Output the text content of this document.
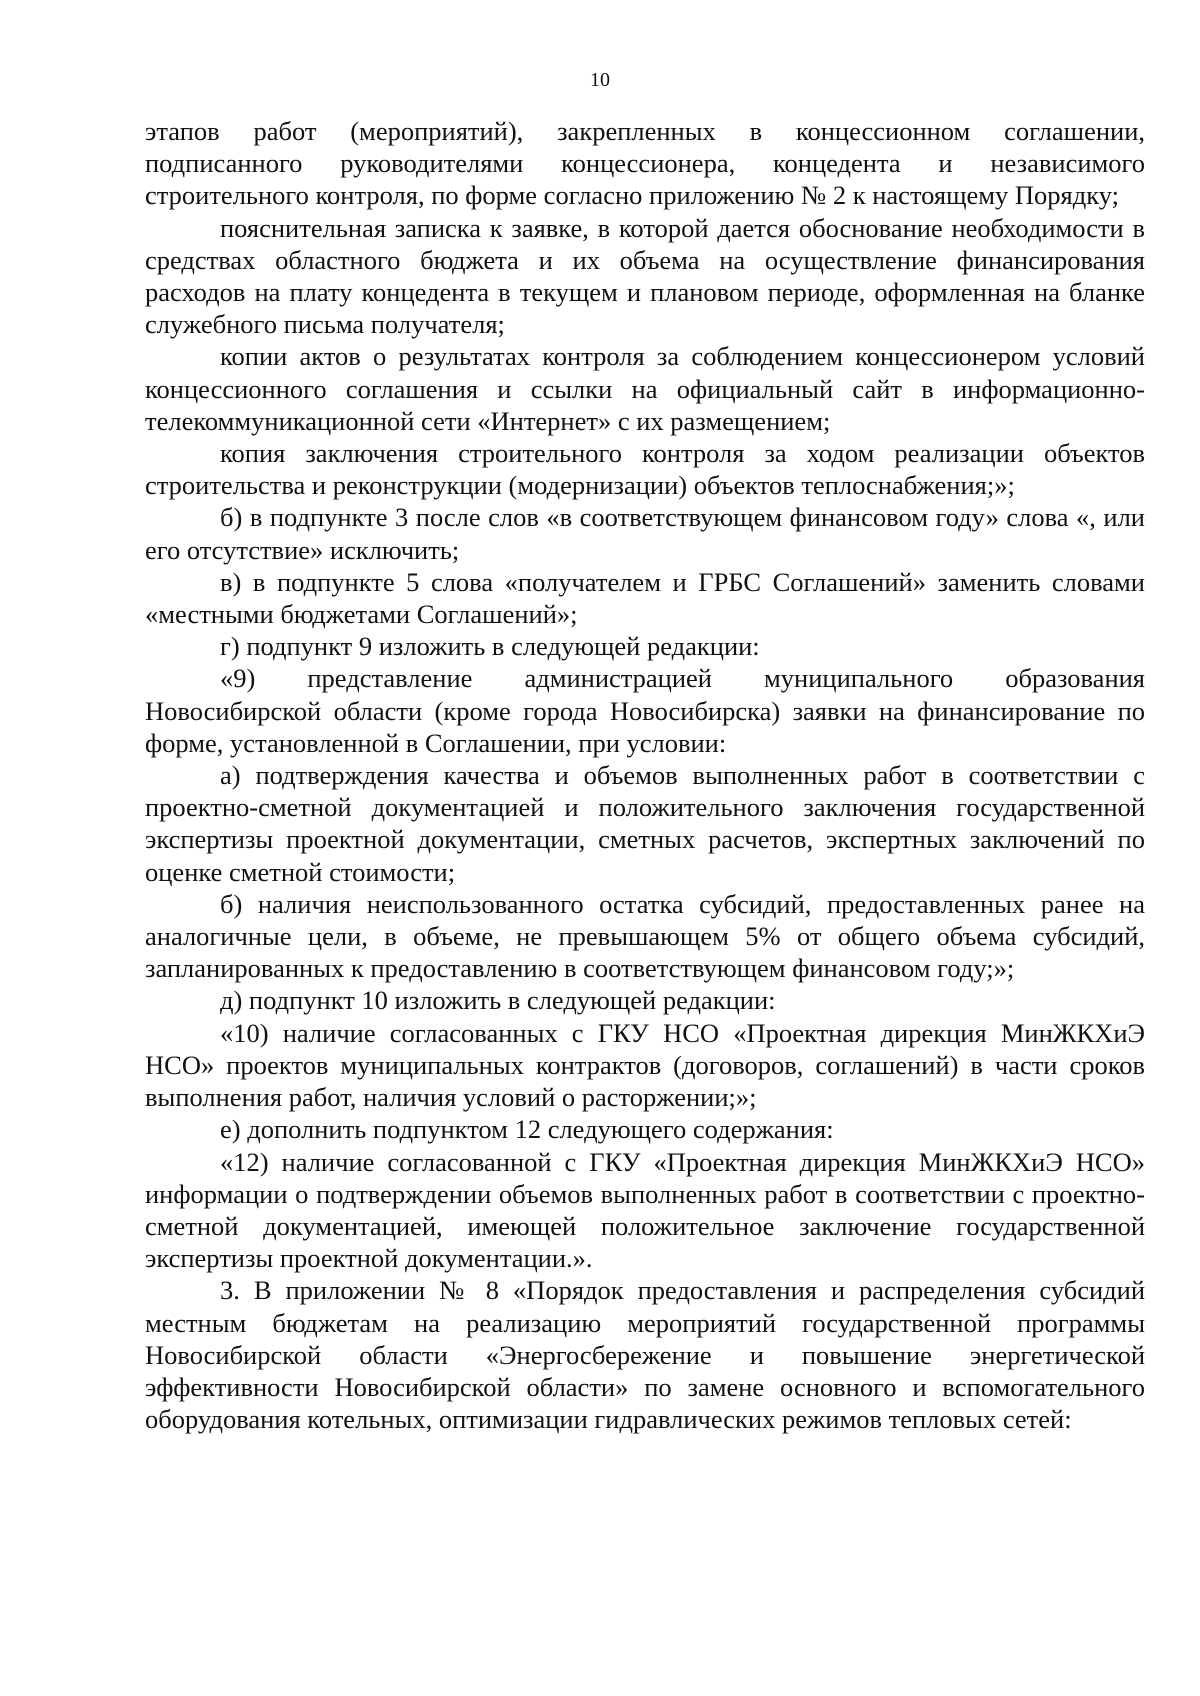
10

этапов работ (мероприятий), закрепленных в концессионном соглашении, подписанного руководителями концессионера, концедента и независимого строительного контроля, по форме согласно приложению № 2 к настоящему Порядку;

пояснительная записка к заявке, в которой дается обоснование необходимости в средствах областного бюджета и их объема на осуществление финансирования расходов на плату концедента в текущем и плановом периоде, оформленная на бланке служебного письма получателя;

копии актов о результатах контроля за соблюдением концессионером условий концессионного соглашения и ссылки на официальный сайт в информационно-телекоммуникационной сети «Интернет» с их размещением;

копия заключения строительного контроля за ходом реализации объектов строительства и реконструкции (модернизации) объектов теплоснабжения;»;

б) в подпункте 3 после слов «в соответствующем финансовом году» слова «, или его отсутствие» исключить;

в) в подпункте 5 слова «получателем и ГРБС Соглашений» заменить словами «местными бюджетами Соглашений»;

г) подпункт 9 изложить в следующей редакции:

«9) представление администрацией муниципального образования Новосибирской области (кроме города Новосибирска) заявки на финансирование по форме, установленной в Соглашении, при условии:

а) подтверждения качества и объемов выполненных работ в соответствии с проектно-сметной документацией и положительного заключения государственной экспертизы проектной документации, сметных расчетов, экспертных заключений по оценке сметной стоимости;

б) наличия неиспользованного остатка субсидий, предоставленных ранее на аналогичные цели, в объеме, не превышающем 5% от общего объема субсидий, запланированных к предоставлению в соответствующем финансовом году;»;

д) подпункт 10 изложить в следующей редакции:

«10) наличие согласованных с ГКУ НСО «Проектная дирекция МинЖКХиЭ НСО» проектов муниципальных контрактов (договоров, соглашений) в части сроков выполнения работ, наличия условий о расторжении;»;

е) дополнить подпунктом 12 следующего содержания:

«12) наличие согласованной с ГКУ «Проектная дирекция МинЖКХиЭ НСО» информации о подтверждении объемов выполненных работ в соответствии с проектно-сметной документацией, имеющей положительное заключение государственной экспертизы проектной документации.».

3. В приложении № 8 «Порядок предоставления и распределения субсидий местным бюджетам на реализацию мероприятий государственной программы Новосибирской области «Энергосбережение и повышение энергетической эффективности Новосибирской области» по замене основного и вспомогательного оборудования котельных, оптимизации гидравлических режимов тепловых сетей:
